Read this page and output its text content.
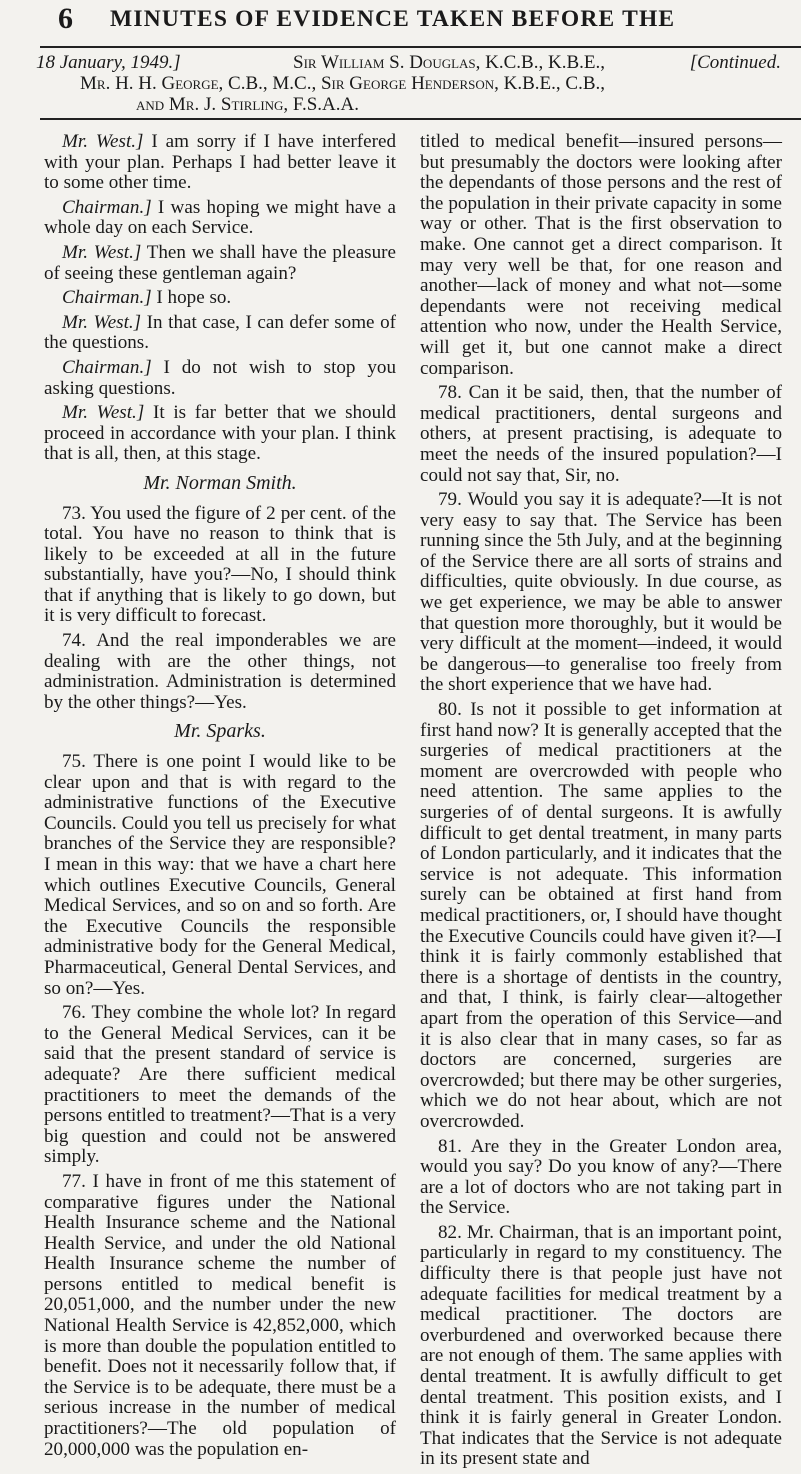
6 MINUTES OF EVIDENCE TAKEN BEFORE THE
18 January, 1949.]	Sir William S. Douglas, K.C.B., K.B.E.,	[Continued.
Mr. H. H. George, C.B., M.C., Sir George Henderson, K.B.E., C.B.,
and Mr. J. Stirling, F.S.A.A.

Mr. West.] I am sorry if I have interfered with your plan. Perhaps I had better leave it to some other time.

Chairman.] I was hoping we might have a whole day on each Service.

Mr. West.] Then we shall have the pleasure of seeing these gentleman again?

Chairman.] I hope so.

Mr. West.] In that case, I can defer some of the questions.

Chairman.] I do not wish to stop you asking questions.

Mr. West.] It is far better that we should proceed in accordance with your plan. I think that is all, then, at this stage.

Mr. Norman Smith.

73. You used the figure of 2 per cent. of the total. You have no reason to think that is likely to be exceeded at all in the future substantially, have you?—No, I should think that if anything that is likely to go down, but it is very difficult to forecast.

74. And the real imponderables we are dealing with are the other things, not administration. Administration is determined by the other things?—Yes.

Mr. Sparks.

75. There is one point I would like to be clear upon and that is with regard to the administrative functions of the Executive Councils. Could you tell us precisely for what branches of the Service they are responsible? I mean in this way: that we have a chart here which outlines Executive Councils, General Medical Services, and so on and so forth. Are the Executive Councils the responsible administrative body for the General Medical, Pharmaceutical, General Dental Services, and so on?—Yes.

76. They combine the whole lot? In regard to the General Medical Services, can it be said that the present standard of service is adequate? Are there sufficient medical practitioners to meet the demands of the persons entitled to treatment?—That is a very big question and could not be answered simply.

77. I have in front of me this statement of comparative figures under the National Health Insurance scheme and the National Health Service, and under the old National Health Insurance scheme the number of persons entitled to medical benefit is 20,051,000, and the number under the new National Health Service is 42,852,000, which is more than double the population entitled to benefit. Does not it necessarily follow that, if the Service is to be adequate, there must be a serious increase in the number of medical practitioners?—The old population of 20,000,000 was the population en-

titled to medical benefit—insured persons—but presumably the doctors were looking after the dependants of those persons and the rest of the population in their private capacity in some way or other. That is the first observation to make. One cannot get a direct comparison. It may very well be that, for one reason and another—lack of money and what not—some dependants were not receiving medical attention who now, under the Health Service, will get it, but one cannot make a direct comparison.

78. Can it be said, then, that the number of medical practitioners, dental surgeons and others, at present practising, is adequate to meet the needs of the insured population?—I could not say that, Sir, no.

79. Would you say it is adequate?—It is not very easy to say that. The Service has been running since the 5th July, and at the beginning of the Service there are all sorts of strains and difficulties, quite obviously. In due course, as we get experience, we may be able to answer that question more thoroughly, but it would be very difficult at the moment—indeed, it would be dangerous—to generalise too freely from the short experience that we have had.

80. Is not it possible to get information at first hand now? It is generally accepted that the surgeries of medical practitioners at the moment are overcrowded with people who need attention. The same applies to the surgeries of of dental surgeons. It is awfully difficult to get dental treatment, in many parts of London particularly, and it indicates that the service is not adequate. This information surely can be obtained at first hand from medical practitioners, or, I should have thought the Executive Councils could have given it?—I think it is fairly commonly established that there is a shortage of dentists in the country, and that, I think, is fairly clear—altogether apart from the operation of this Service—and it is also clear that in many cases, so far as doctors are concerned, surgeries are overcrowded; but there may be other surgeries, which we do not hear about, which are not overcrowded.

81. Are they in the Greater London area, would you say? Do you know of any?—There are a lot of doctors who are not taking part in the Service.

82. Mr. Chairman, that is an important point, particularly in regard to my constituency. The difficulty there is that people just have not adequate facilities for medical treatment by a medical practitioner. The doctors are overburdened and overworked because there are not enough of them. The same applies with dental treatment. It is awfully difficult to get dental treatment. This position exists, and I think it is fairly general in Greater London. That indicates that the Service is not adequate in its present state and
